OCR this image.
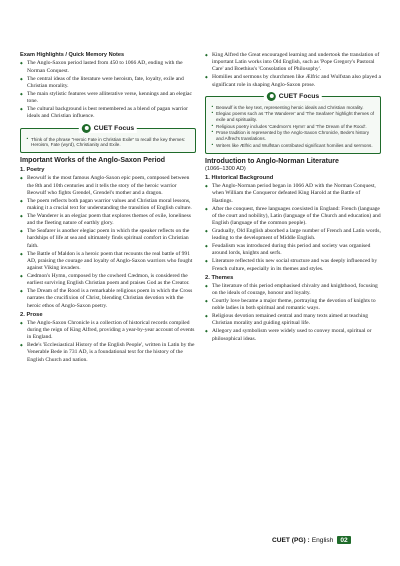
Exam Highlights / Quick Memory Notes
◆ The Anglo-Saxon period lasted from 450 to 1066 AD, ending with the Norman Conquest.
◆ The central ideas of the literature were heroism, fate, loyalty, exile and Christian morality.
◆ The main stylistic features were alliterative verse, kennings and an elegiac tone.
◆ The cultural background is best remembered as a blend of pagan warrior ideals and Christian influence.
CUET Focus
• Think of the phrase "Heroic Fate in Christian Exile" to recall the key themes: Heroism, Fate (wyrd), Christianity and Exile.
Important Works of the Anglo-Saxon Period
1. Poetry
◆ Beowulf is the most famous Anglo-Saxon epic poem, composed between the 8th and 10th centuries and it tells the story of the heroic warrior Beowulf who fights Grendel, Grendel's mother and a dragon.
◆ The poem reflects both pagan warrior values and Christian moral lessons, making it a crucial text for understanding the transition of English culture.
◆ The Wanderer is an elegiac poem that explores themes of exile, loneliness and the fleeting nature of earthly glory.
◆ The Seafarer is another elegiac poem in which the speaker reflects on the hardships of life at sea and ultimately finds spiritual comfort in Christian faith.
◆ The Battle of Maldon is a heroic poem that recounts the real battle of 991 AD, praising the courage and loyalty of Anglo-Saxon warriors who fought against Viking invaders.
◆ Cædmon's Hymn, composed by the cowherd Cædmon, is considered the earliest surviving English Christian poem and praises God as the Creator.
◆ The Dream of the Rood is a remarkable religious poem in which the Cross narrates the crucifixion of Christ, blending Christian devotion with the heroic ethos of Anglo-Saxon poetry.
2. Prose
◆ The Anglo-Saxon Chronicle is a collection of historical records compiled during the reign of King Alfred, providing a year-by-year account of events in England.
◆ Bede's 'Ecclesiastical History of the English People', written in Latin by the Venerable Bede in 731 AD, is a foundational text for the history of the English Church and nation.
◆ King Alfred the Great encouraged learning and undertook the translation of important Latin works into Old English, such as 'Pope Gregory's Pastoral Care' and Boethius's 'Consolation of Philosophy'.
◆ Homilies and sermons by churchmen like Ælfric and Wulfstan also played a significant role in shaping Anglo-Saxon prose.
CUET Focus
• Beowulf is the key text, representing heroic ideals and Christian morality.
• Elegiac poems such as 'The Wanderer' and 'The Seafarer' highlight themes of exile and spirituality.
• Religious poetry includes 'Cædmon's Hymn' and 'The Dream of the Rood'.
• Prose tradition is represented by the Anglo-Saxon Chronicle, Bede's history and Alfred's translations.
• Writers like Ælfric and Wulfstan contributed significant homilies and sermons.
Introduction to Anglo-Norman Literature
(1066–1300 AD)
1. Historical Background
◆ The Anglo-Norman period began in 1066 AD with the Norman Conquest, when William the Conqueror defeated King Harold at the Battle of Hastings.
◆ After the conquest, three languages coexisted in England: French (language of the court and nobility), Latin (language of the Church and education) and English (language of the common people).
◆ Gradually, Old English absorbed a large number of French and Latin words, leading to the development of Middle English.
◆ Feudalism was introduced during this period and society was organised around lords, knights and serfs.
◆ Literature reflected this new social structure and was deeply influenced by French culture, especially in its themes and styles.
2. Themes
◆ The literature of this period emphasised chivalry and knighthood, focusing on the ideals of courage, honour and loyalty.
◆ Courtly love became a major theme, portraying the devotion of knights to noble ladies in both spiritual and romantic ways.
◆ Religious devotion remained central and many texts aimed at teaching Christian morality and guiding spiritual life.
◆ Allegory and symbolism were widely used to convey moral, spiritual or philosophical ideas.
CUET (PG) : English	02
